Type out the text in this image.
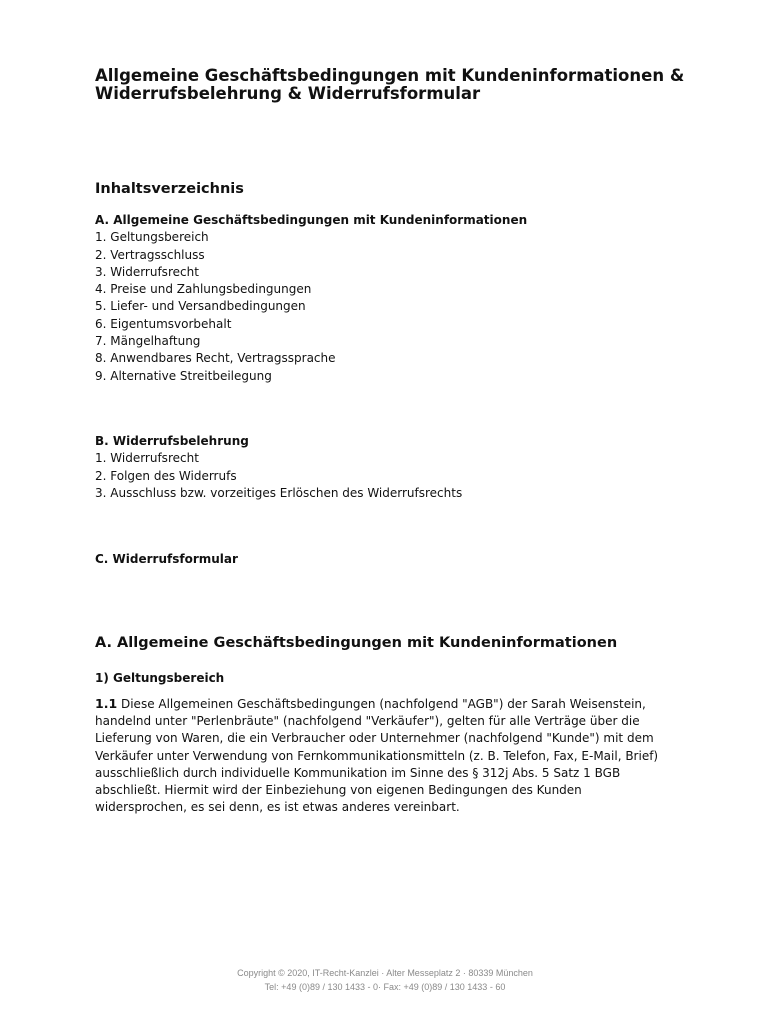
Allgemeine Geschäftsbedingungen mit Kundeninformationen & Widerrufsbelehrung & Widerrufsformular
Inhaltsverzeichnis
A. Allgemeine Geschäftsbedingungen mit Kundeninformationen
1. Geltungsbereich
2. Vertragsschluss
3. Widerrufsrecht
4. Preise und Zahlungsbedingungen
5. Liefer- und Versandbedingungen
6. Eigentumsvorbehalt
7. Mängelhaftung
8. Anwendbares Recht, Vertragssprache
9. Alternative Streitbeilegung
B. Widerrufsbelehrung
1. Widerrufsrecht
2. Folgen des Widerrufs
3. Ausschluss bzw. vorzeitiges Erlöschen des Widerrufsrechts
C. Widerrufsformular
A. Allgemeine Geschäftsbedingungen mit Kundeninformationen
1) Geltungsbereich

1.1 Diese Allgemeinen Geschäftsbedingungen (nachfolgend "AGB") der Sarah Weisenstein, handelnd unter "Perlenbräute" (nachfolgend "Verkäufer"), gelten für alle Verträge über die Lieferung von Waren, die ein Verbraucher oder Unternehmer (nachfolgend "Kunde") mit dem Verkäufer unter Verwendung von Fernkommunikationsmitteln (z. B. Telefon, Fax, E-Mail, Brief) ausschließlich durch individuelle Kommunikation im Sinne des § 312j Abs. 5 Satz 1 BGB abschließt. Hiermit wird der Einbeziehung von eigenen Bedingungen des Kunden widersprochen, es sei denn, es ist etwas anderes vereinbart.

Copyright © 2020, IT-Recht-Kanzlei · Alter Messeplatz 2 · 80339 München
Tel: +49 (0)89 / 130 1433 - 0· Fax: +49 (0)89 / 130 1433 - 60
